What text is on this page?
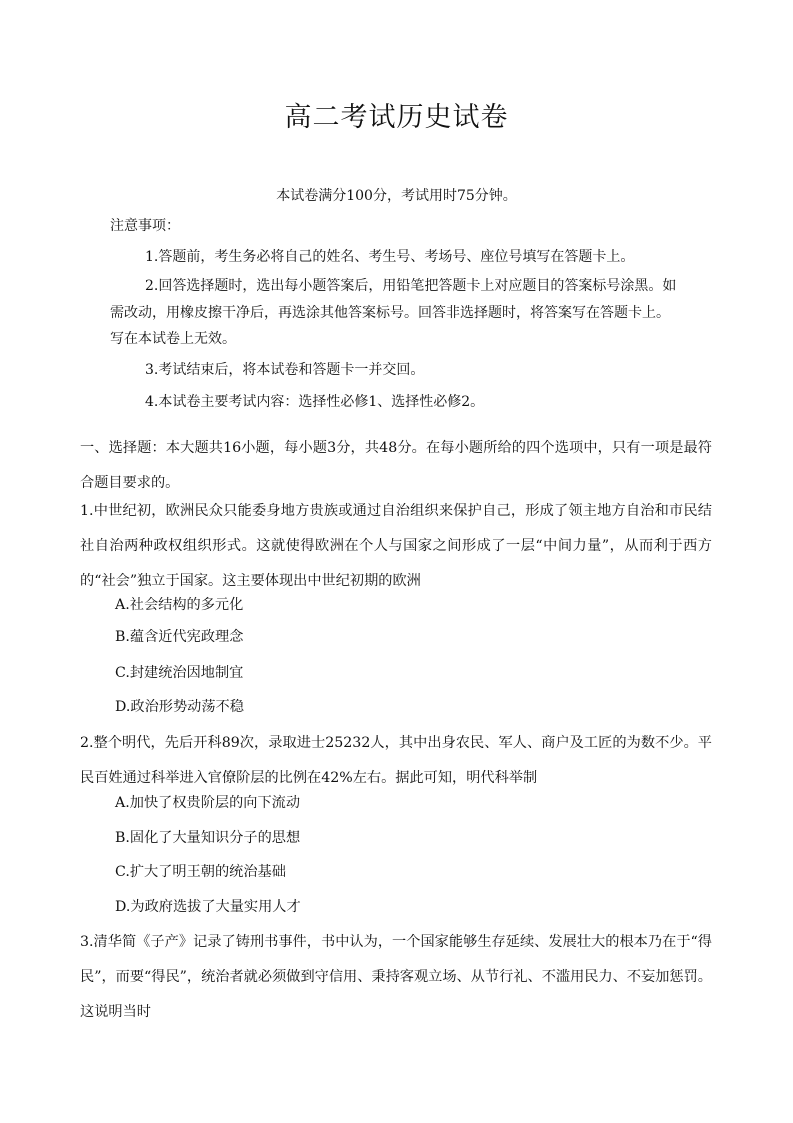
高二考试历史试卷
本试卷满分100分，考试用时75分钟。
注意事项：
1.答题前，考生务必将自己的姓名、考生号、考场号、座位号填写在答题卡上。
2.回答选择题时，选出每小题答案后，用铅笔把答题卡上对应题目的答案标号涂黑。如
需改动，用橡皮擦干净后，再选涂其他答案标号。回答非选择题时，将答案写在答题卡上。
写在本试卷上无效。
3.考试结束后，将本试卷和答题卡一并交回。
4.本试卷主要考试内容：选择性必修1、选择性必修2。
一、选择题：本大题共16小题，每小题3分，共48分。在每小题所给的四个选项中，只有一项是最符合题目要求的。
1.中世纪初，欧洲民众只能委身地方贵族或通过自治组织来保护自己，形成了领主地方自治和市民结社自治两种政权组织形式。这就使得欧洲在个人与国家之间形成了一层“中间力量”，从而利于西方的“社会”独立于国家。这主要体现出中世纪初期的欧洲
A.社会结构的多元化
B.蕴含近代宪政理念
C.封建统治因地制宜
D.政治形势动荡不稳
2.整个明代，先后开科89次，录取进士25232人，其中出身农民、军人、商户及工匠的为数不少。平民百姓通过科举进入官僚阶层的比例在42%左右。据此可知，明代科举制
A.加快了权贵阶层的向下流动
B.固化了大量知识分子的思想
C.扩大了明王朝的统治基础
D.为政府选拔了大量实用人才
3.清华简《子产》记录了铸刑书事件，书中认为，一个国家能够生存延续、发展壮大的根本乃在于“得民”，而要“得民”，统治者就必须做到守信用、秉持客观立场、从节行礼、不滥用民力、不妄加惩罚。这说明当时
